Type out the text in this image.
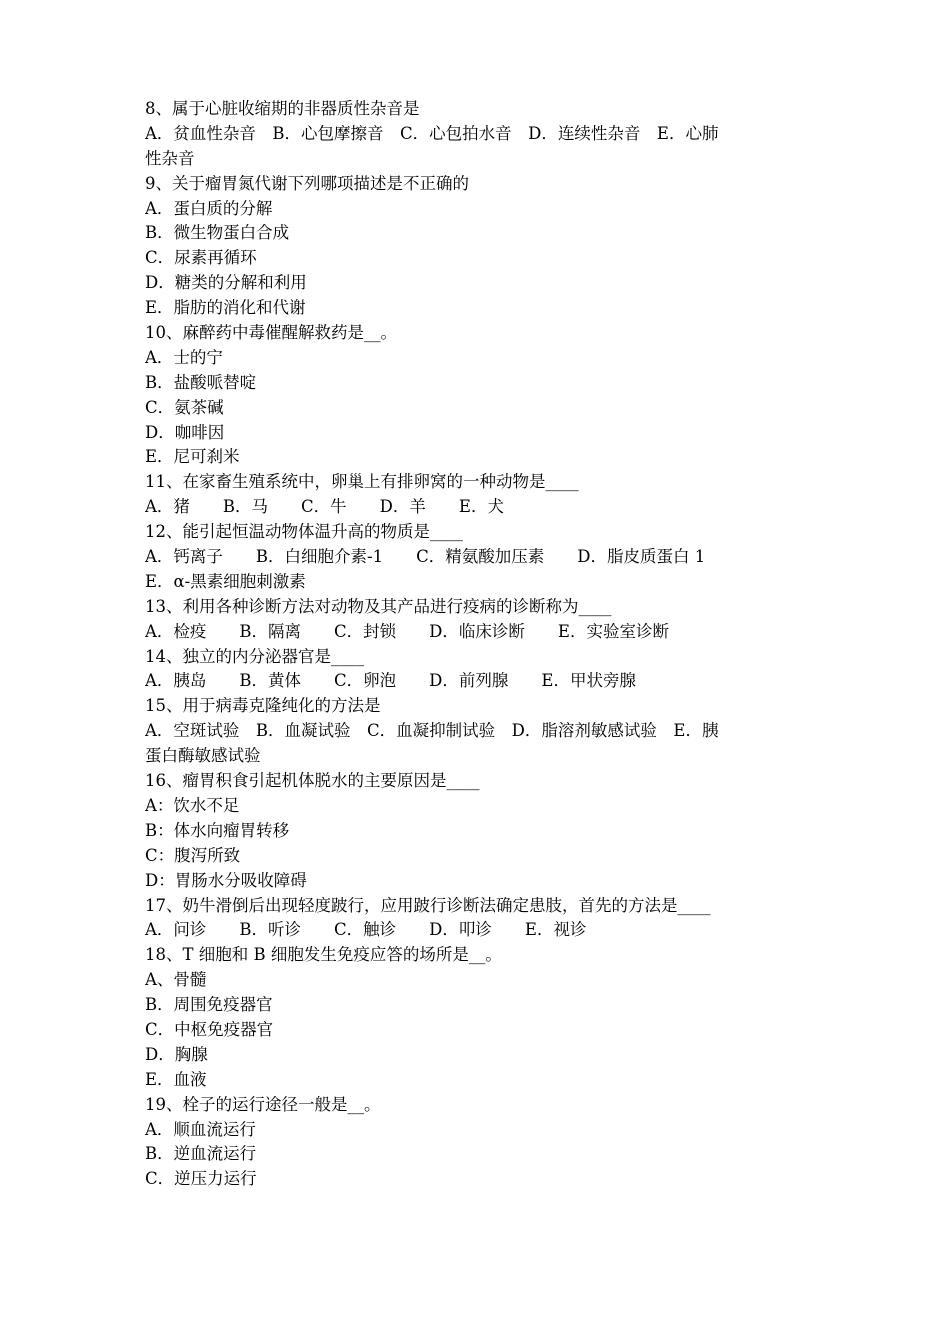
8、属于心脏收缩期的非器质性杂音是
A．贫血性杂音　B．心包摩擦音　C．心包拍水音　D．连续性杂音　E．心肺
性杂音
9、关于瘤胃氮代谢下列哪项描述是不正确的
A．蛋白质的分解
B．微生物蛋白合成
C．尿素再循环
D．糖类的分解和利用
E．脂肪的消化和代谢
10、麻醉药中毒催醒解救药是__。
A．士的宁
B．盐酸哌替啶
C．氨茶碱
D．咖啡因
E．尼可刹米
11、在家畜生殖系统中，卵巢上有排卵窝的一种动物是____
A．猪　　B．马　　C．牛　　D．羊　　E．犬
12、能引起恒温动物体温升高的物质是____
A．钙离子　　B．白细胞介素-1　　C．精氨酸加压素　　D．脂皮质蛋白 1
E．α-黑素细胞刺激素
13、利用各种诊断方法对动物及其产品进行疫病的诊断称为____
A．检疫　　B．隔离　　C．封锁　　D．临床诊断　　E．实验室诊断
14、独立的内分泌器官是____
A．胰岛　　B．黄体　　C．卵泡　　D．前列腺　　E．甲状旁腺
15、用于病毒克隆纯化的方法是
A．空斑试验　B．血凝试验　C．血凝抑制试验　D．脂溶剂敏感试验　E．胰
蛋白酶敏感试验
16、瘤胃积食引起机体脱水的主要原因是____
A：饮水不足
B：体水向瘤胃转移
C：腹泻所致
D：胃肠水分吸收障碍
17、奶牛滑倒后出现轻度跛行，应用跛行诊断法确定患肢，首先的方法是____
A．问诊　　B．听诊　　C．触诊　　D．叩诊　　E．视诊
18、T 细胞和 B 细胞发生免疫应答的场所是__。
A、骨髓
B．周围免疫器官
C．中枢免疫器官
D．胸腺
E．血液
19、栓子的运行途径一般是__。
A．顺血流运行
B．逆血流运行
C．逆压力运行
